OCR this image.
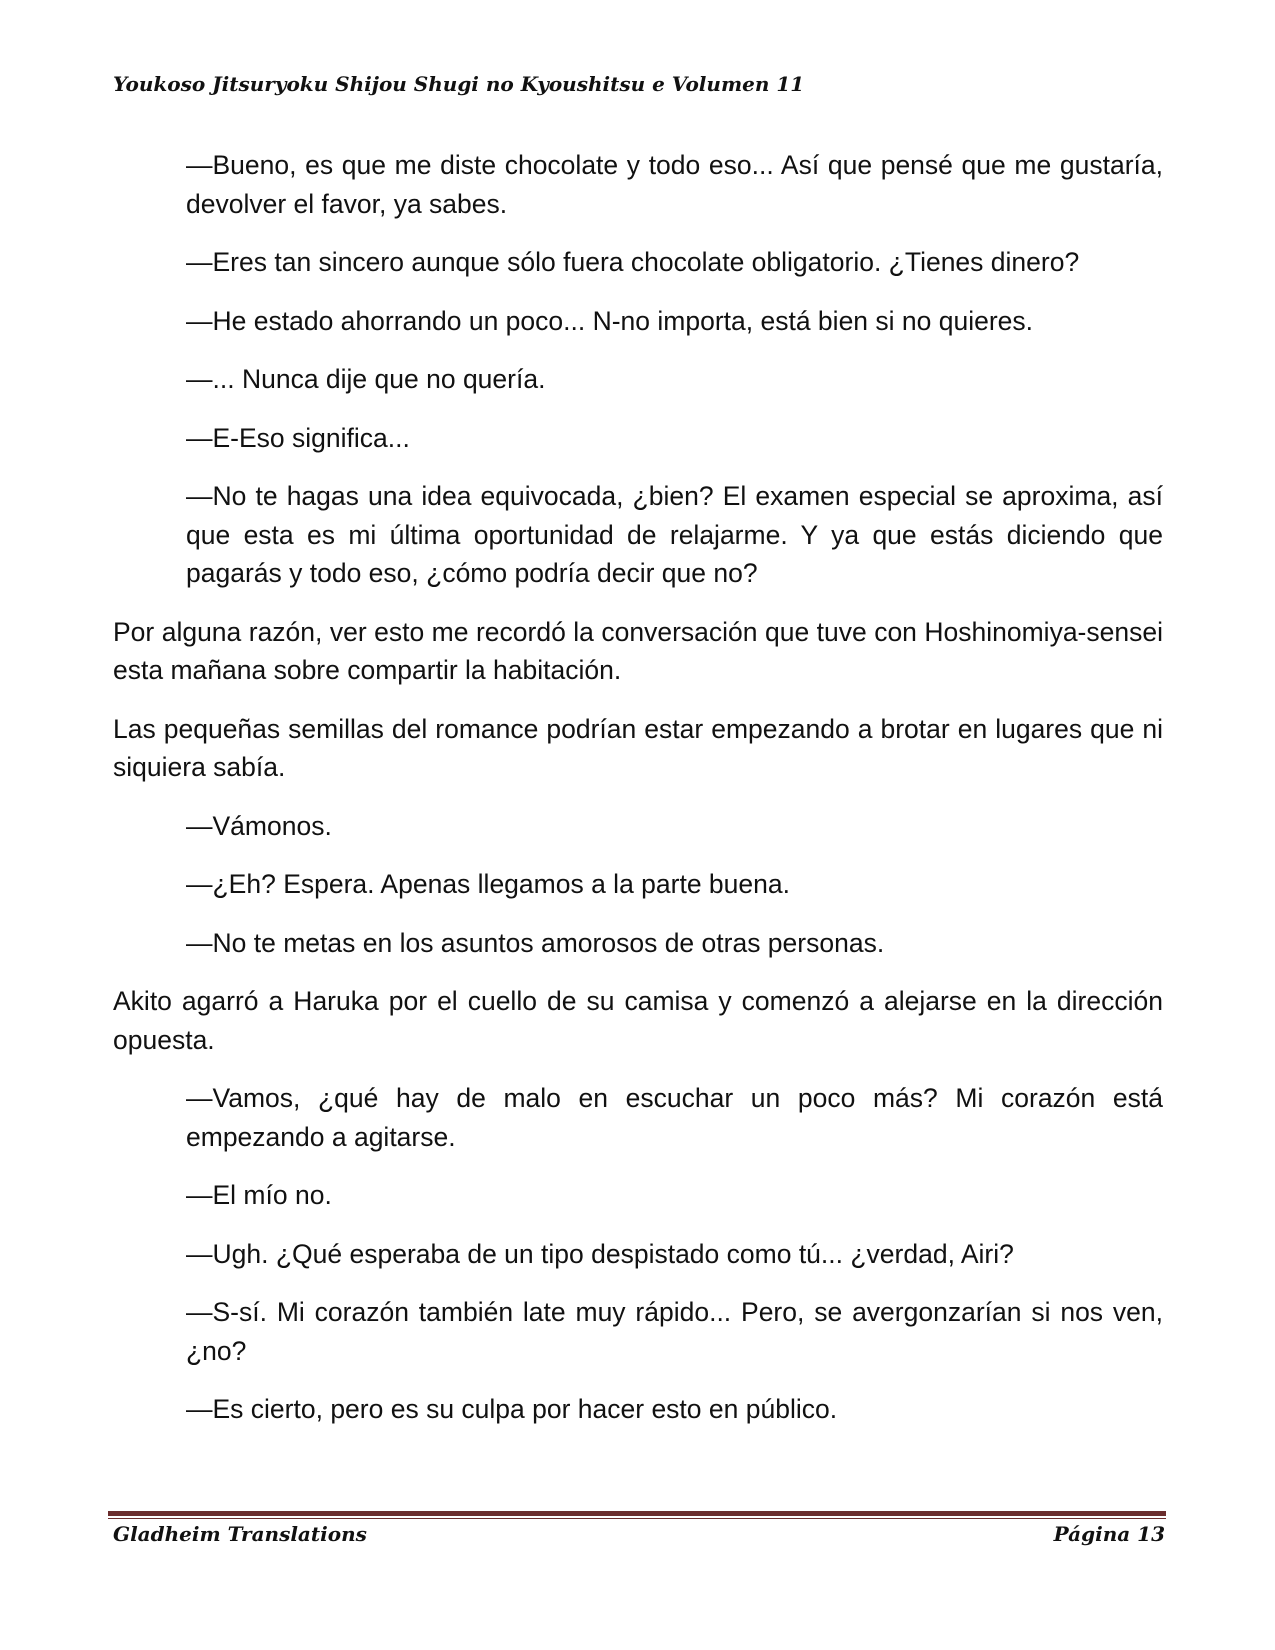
Youkoso Jitsuryoku Shijou Shugi no Kyoushitsu e Volumen 11

—Bueno, es que me diste chocolate y todo eso... Así que pensé que me gustaría, devolver el favor, ya sabes.

—Eres tan sincero aunque sólo fuera chocolate obligatorio. ¿Tienes dinero?

—He estado ahorrando un poco... N-no importa, está bien si no quieres.

—... Nunca dije que no quería.

—E-Eso significa...

—No te hagas una idea equivocada, ¿bien? El examen especial se aproxima, así que esta es mi última oportunidad de relajarme. Y ya que estás diciendo que pagarás y todo eso, ¿cómo podría decir que no?

Por alguna razón, ver esto me recordó la conversación que tuve con Hoshinomiya-sensei esta mañana sobre compartir la habitación.

Las pequeñas semillas del romance podrían estar empezando a brotar en lugares que ni siquiera sabía.

—Vámonos.

—¿Eh? Espera. Apenas llegamos a la parte buena.

—No te metas en los asuntos amorosos de otras personas.

Akito agarró a Haruka por el cuello de su camisa y comenzó a alejarse en la dirección opuesta.

—Vamos, ¿qué hay de malo en escuchar un poco más? Mi corazón está empezando a agitarse.

—El mío no.

—Ugh. ¿Qué esperaba de un tipo despistado como tú... ¿verdad, Airi?

—S-sí. Mi corazón también late muy rápido... Pero, se avergonzarían si nos ven, ¿no?

—Es cierto, pero es su culpa por hacer esto en público.

Gladheim Translations	Página 13
